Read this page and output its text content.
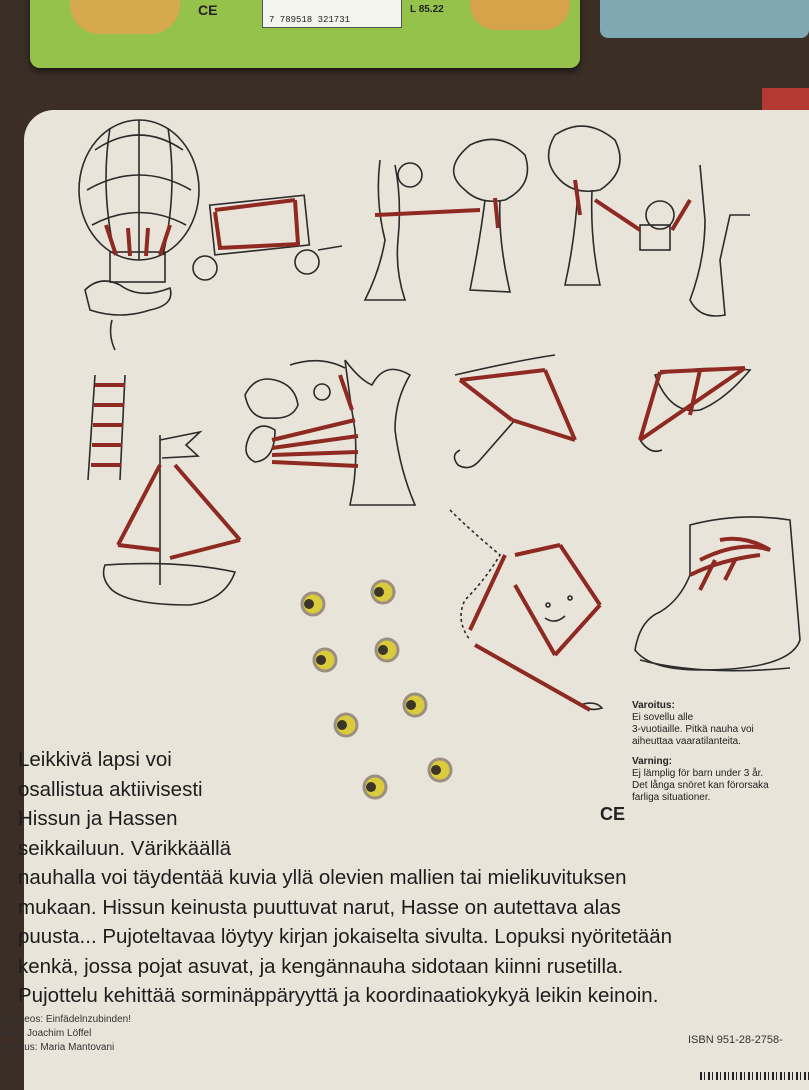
CE
7 789518 321731
L 85.22
Leikkivä lapsi voi
osallistua aktiivisesti
Hissun ja Hassen
seikkailuun. Värikkäällä
nauhalla voi täydentää kuvia yllä olevien mallien tai mielikuvituksen
mukaan. Hissun keinusta puuttuvat narut, Hasse on autettava alas
puusta... Pujoteltavaa löytyy kirjan jokaiselta sivulta. Lopuksi nyöritetään
kenkä, jossa pojat asuvat, ja kengännauha sidotaan kiinni rusetilla.
Pujottelu kehittää sorminäppäryyttä ja koordinaatiokykyä leikin keinoin.
Varoitus:
Ei sovellu alle
3-vuotiaille. Pitkä nauha voi
aiheuttaa vaaratilanteita.
Varning:
Ej lämplig för barn under 3 år.
Det långa snöret kan förorsaka
farliga situationer.
CE
Alkuteos: Einfädelnzubinden!
Idea: Joachim Löffel
Kuvitus: Maria Mantovani
ISBN 951-28-2758-
